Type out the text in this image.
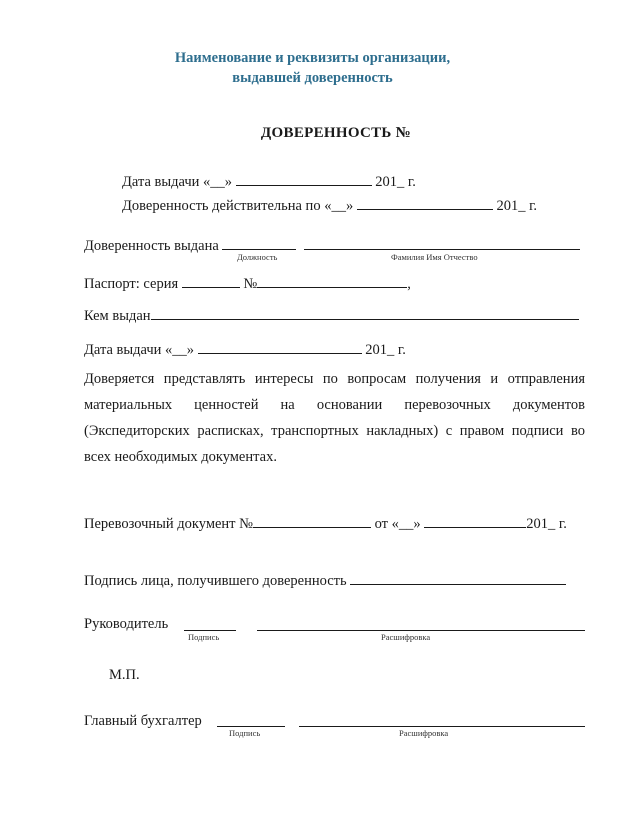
Наименование и реквизиты организации,
выдавшей доверенность
ДОВЕРЕННОСТЬ №
Дата выдачи «__»	201_ г.
Доверенность действительна по «__»	201_ г.
Доверенность выдана
Должность	Фамилия Имя Отчество
Паспорт: серия	№	,
Кем выдан
Дата выдачи «__»	201_ г.
Доверяется представлять интересы по вопросам получения и отправления материальных ценностей на основании перевозочных документов (Экспедиторских расписках, транспортных накладных) с правом подписи во всех необходимых документах.
Перевозочный документ №	от «__»	201_ г.
Подпись лица, получившего доверенность
Руководитель
Подпись	Расшифровка
М.П.
Главный бухгалтер
Подпись	Расшифровка
